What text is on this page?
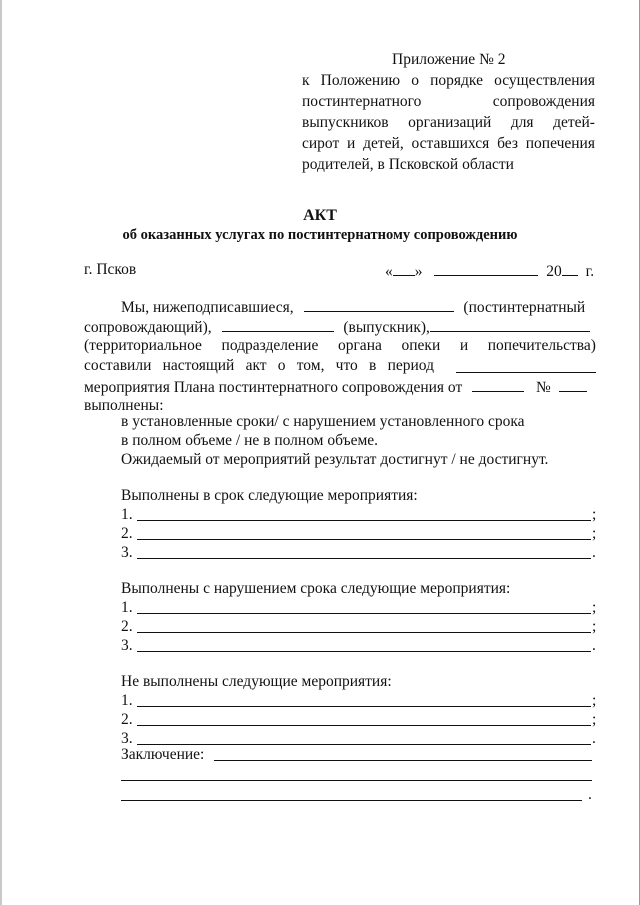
Приложение № 2
к Положению о порядке осуществления
постинтернатного	сопровождения
выпускников организаций для детей-
сирот и детей, оставшихся без попечения
родителей, в Псковской области
АКТ
об оказанных услугах по постинтернатному сопровождению
г. Псков	« »	20 г.
Мы, нижеподписавшиеся,	(постинтернатный
сопровождающий),	(выпускник),
(территориальное подразделение органа опеки и попечительства)
составили настоящий акт о том, что в период
мероприятия Плана постинтернатного сопровождения от	№
выполнены:
в установленные сроки/ с нарушением установленного срока
в полном объеме / не в полном объеме.
Ожидаемый от мероприятий результат достигнут / не достигнут.
Выполнены в срок следующие мероприятия:
1.	;
2.	;
3.	.
Выполнены с нарушением срока следующие мероприятия:
1.	;
2.	;
3.	.
Не выполнены следующие мероприятия:
1.	;
2.	;
3.	.
Заключение:
.
